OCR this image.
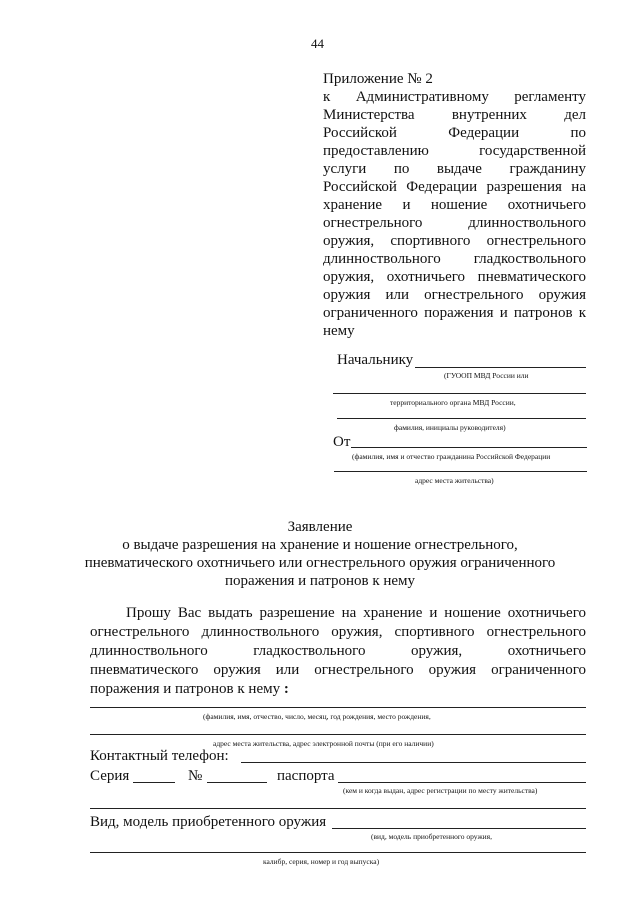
44
Приложение № 2
к Административному регламенту
Министерства внутренних дел
Российской Федерации по
предоставлению государственной
услуги по выдаче гражданину
Российской Федерации разрешения на
хранение и ношение охотничьего
огнестрельного длинноствольного
оружия, спортивного огнестрельного
длинноствольного гладкоствольного
оружия, охотничьего пневматического
оружия или огнестрельного оружия
ограниченного поражения и патронов к
нему
Начальнику
(ГУООП МВД России или
территориального органа МВД России,
фамилия, инициалы руководителя)
От
(фамилия, имя и отчество гражданина Российской Федерации
адрес места жительства)
Заявление
о выдаче разрешения на хранение и ношение огнестрельного,
пневматического охотничьего или огнестрельного оружия ограниченного
поражения и патронов к нему
Прошу Вас выдать разрешение на хранение и ношение охотничьего
огнестрельного длинноствольного оружия, спортивного огнестрельного
длинноствольного гладкоствольного оружия, охотничьего
пневматического оружия или огнестрельного оружия ограниченного
поражения и патронов к нему :
(фамилия, имя, отчество, число, месяц, год рождения, место рождения,
адрес места жительства, адрес электронной почты (при его наличии)
Контактный телефон:
Серия	№	паспорта
(кем и когда выдан, адрес регистрации по месту жительства)
Вид, модель приобретенного оружия
(вид, модель приобретенного оружия,
калибр, серия, номер и год выпуска)
